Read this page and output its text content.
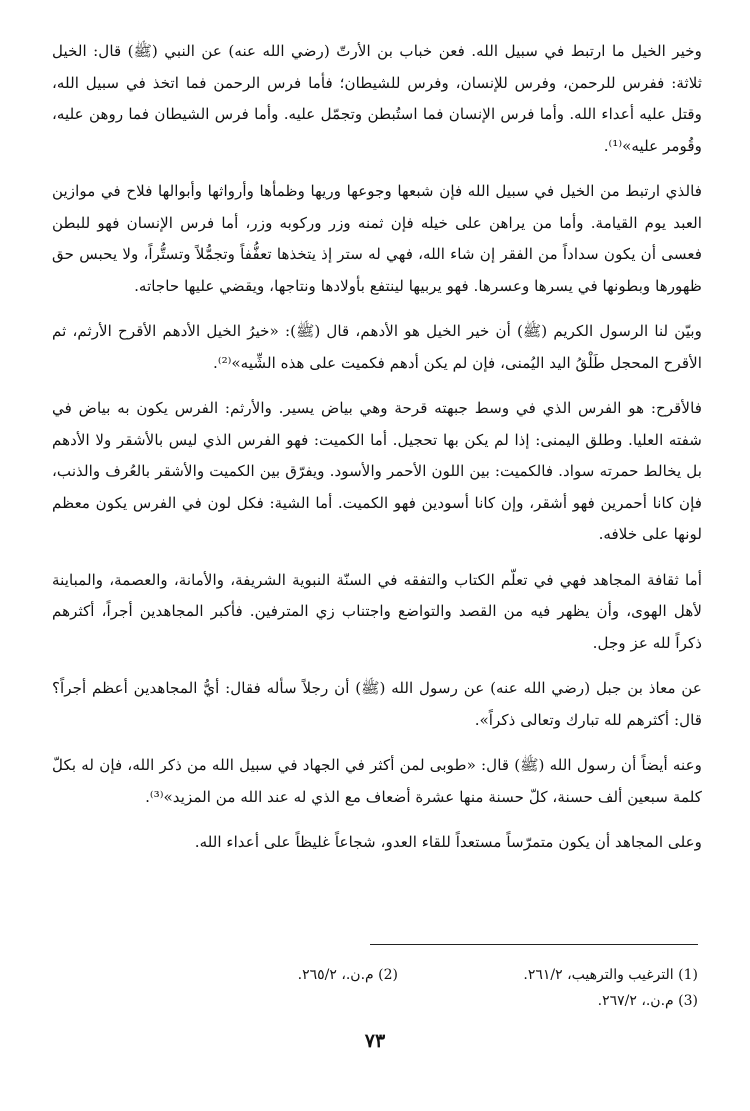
وخير الخيل ما ارتبط في سبيل الله. فعن خباب بن الأرتّ (رضي الله عنه) عن النبي (ﷺ) قال: الخيل ثلاثة: ففرس للرحمن، وفرس للإنسان، وفرس للشيطان؛ فأما فرس الرحمن فما اتخذ في سبيل الله، وقتل عليه أعداء الله. وأما فرس الإنسان فما استُبطن وتجمّل عليه. وأما فرس الشيطان فما روهن عليه، وقُومر عليه»⁽¹⁾.

فالذي ارتبط من الخيل في سبيل الله فإن شبعها وجوعها وريها وظمأها وأرواثها وأبوالها فلاح في موازين العبد يوم القيامة. وأما من يراهن على خيله فإن ثمنه وزر وركوبه وزر، أما فرس الإنسان فهو للبطن فعسى أن يكون سداداً من الفقر إن شاء الله، فهي له ستر إذ يتخذها تعفُّفاً وتجمُّلاً وتستُّراً، ولا يحبس حق ظهورها وبطونها في يسرها وعسرها. فهو يربيها لينتفع بأولادها ونتاجها، ويقضي عليها حاجاته.

وبيّن لنا الرسول الكريم (ﷺ) أن خير الخيل هو الأدهم، قال (ﷺ): «خيرُ الخيل الأدهم الأقرح الأرثم، ثم الأقرح المحجل طَلْقُ اليد اليُمنى، فإن لم يكن أدهم فكميت على هذه الشِّيه»⁽²⁾.

فالأقرح: هو الفرس الذي في وسط جبهته قرحة وهي بياض يسير. والأرثم: الفرس يكون به بياض في شفته العليا. وطلق اليمنى: إذا لم يكن بها تحجيل. أما الكميت: فهو الفرس الذي ليس بالأشقر ولا الأدهم بل يخالط حمرته سواد. فالكميت: بين اللون الأحمر والأسود. ويفرّق بين الكميت والأشقر بالعُرف والذنب، فإن كانا أحمرين فهو أشقر، وإن كانا أسودين فهو الكميت. أما الشية: فكل لون في الفرس يكون معظم لونها على خلافه.

أما ثقافة المجاهد فهي في تعلّم الكتاب والتفقه في السنّة النبوية الشريفة، والأمانة، والعصمة، والمباينة لأهل الهوى، وأن يظهر فيه من القصد والتواضع واجتناب زي المترفين. فأكبر المجاهدين أجراً، أكثرهم ذكراً لله عز وجل.

عن معاذ بن جبل (رضي الله عنه) عن رسول الله (ﷺ) أن رجلاً سأله فقال: أيُّ المجاهدين أعظم أجراً؟ قال: أكثرهم لله تبارك وتعالى ذكراً».

وعنه أيضاً أن رسول الله (ﷺ) قال: «طوبى لمن أكثر في الجهاد في سبيل الله من ذكر الله، فإن له بكلّ كلمة سبعين ألف حسنة، كلّ حسنة منها عشرة أضعاف مع الذي له عند الله من المزيد»⁽³⁾.

وعلى المجاهد أن يكون متمرّساً مستعداً للقاء العدو، شجاعاً غليظاً على أعداء الله.

(1) الترغيب والترهيب، ٢٦١/٢.
(2) م.ن.، ٢٦٥/٢.
(3) م.ن.، ٢٦٧/٢.
٧٣
